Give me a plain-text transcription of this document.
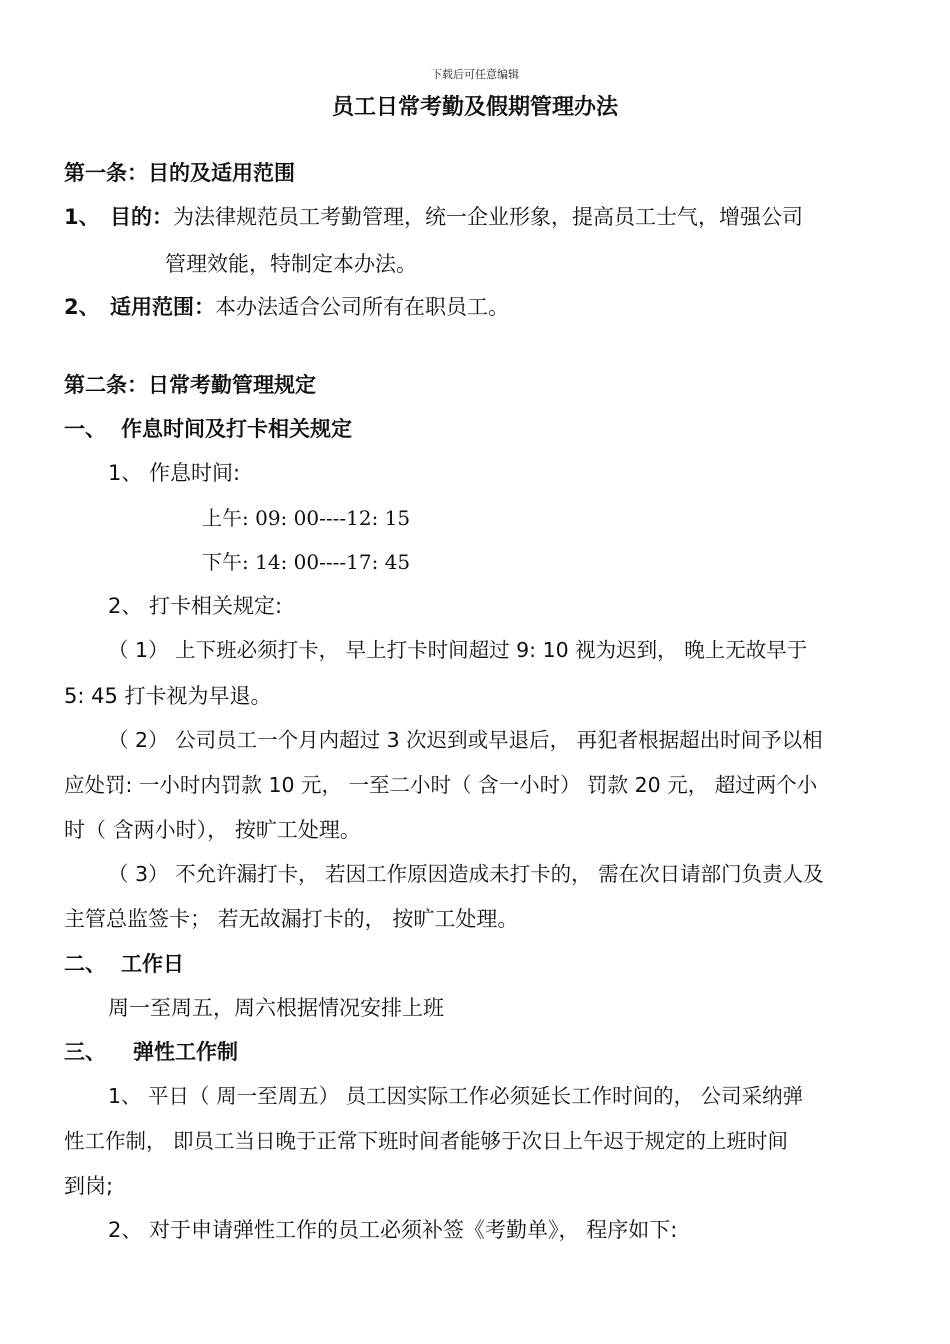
下载后可任意编辑
员工日常考勤及假期管理办法
第一条：目的及适用范围
1、 目的：为法律规范员工考勤管理，统一企业形象，提高员工士气，增强公司
管理效能，特制定本办法。
2、 适用范围：本办法适合公司所有在职员工。
第二条：日常考勤管理规定
一、 作息时间及打卡相关规定
1、 作息时间:
上午: 09: 00----12: 15
下午: 14: 00----17: 45
2、 打卡相关规定:
（ 1） 上下班必须打卡， 早上打卡时间超过 9: 10 视为迟到， 晚上无故早于
5: 45 打卡视为早退。
（ 2） 公司员工一个月内超过 3 次迟到或早退后， 再犯者根据超出时间予以相
应处罚: 一小时内罚款 10 元， 一至二小时（ 含一小时） 罚款 20 元， 超过两个小
时（ 含两小时）， 按旷工处理。
（ 3） 不允许漏打卡， 若因工作原因造成未打卡的， 需在次日请部门负责人及
主管总监签卡； 若无故漏打卡的， 按旷工处理。
二、 工作日
周一至周五，周六根据情况安排上班
三、 弹性工作制
1、 平日（ 周一至周五） 员工因实际工作必须延长工作时间的， 公司采纳弹
性工作制， 即员工当日晚于正常下班时间者能够于次日上午迟于规定的上班时间
到岗;
2、 对于申请弹性工作的员工必须补签《考勤单》， 程序如下:
